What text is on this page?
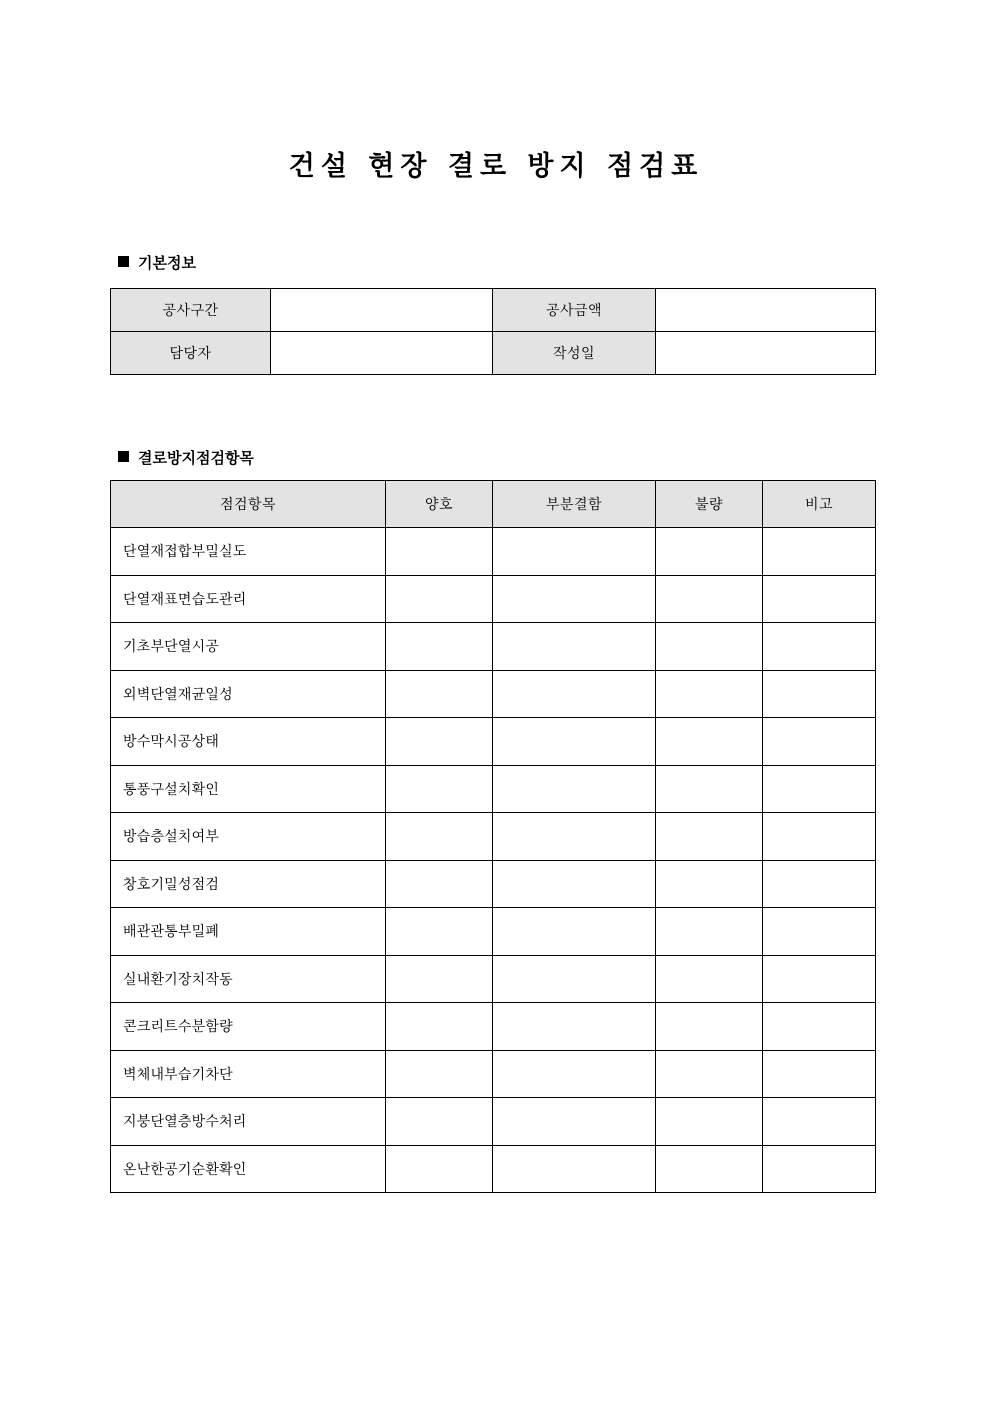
건설 현장 결로 방지 점검표
기본정보
공사구간		공사금액	
담당자		작성일	
결로방지점검항목
점검항목	양호	부분결함	불량	비고
단열재접합부밀실도				
단열재표면습도관리				
기초부단열시공				
외벽단열재균일성				
방수막시공상태				
통풍구설치확인				
방습층설치여부				
창호기밀성점검				
배관관통부밀폐				
실내환기장치작동				
콘크리트수분함량				
벽체내부습기차단				
지붕단열층방수처리				
온난한공기순환확인				
